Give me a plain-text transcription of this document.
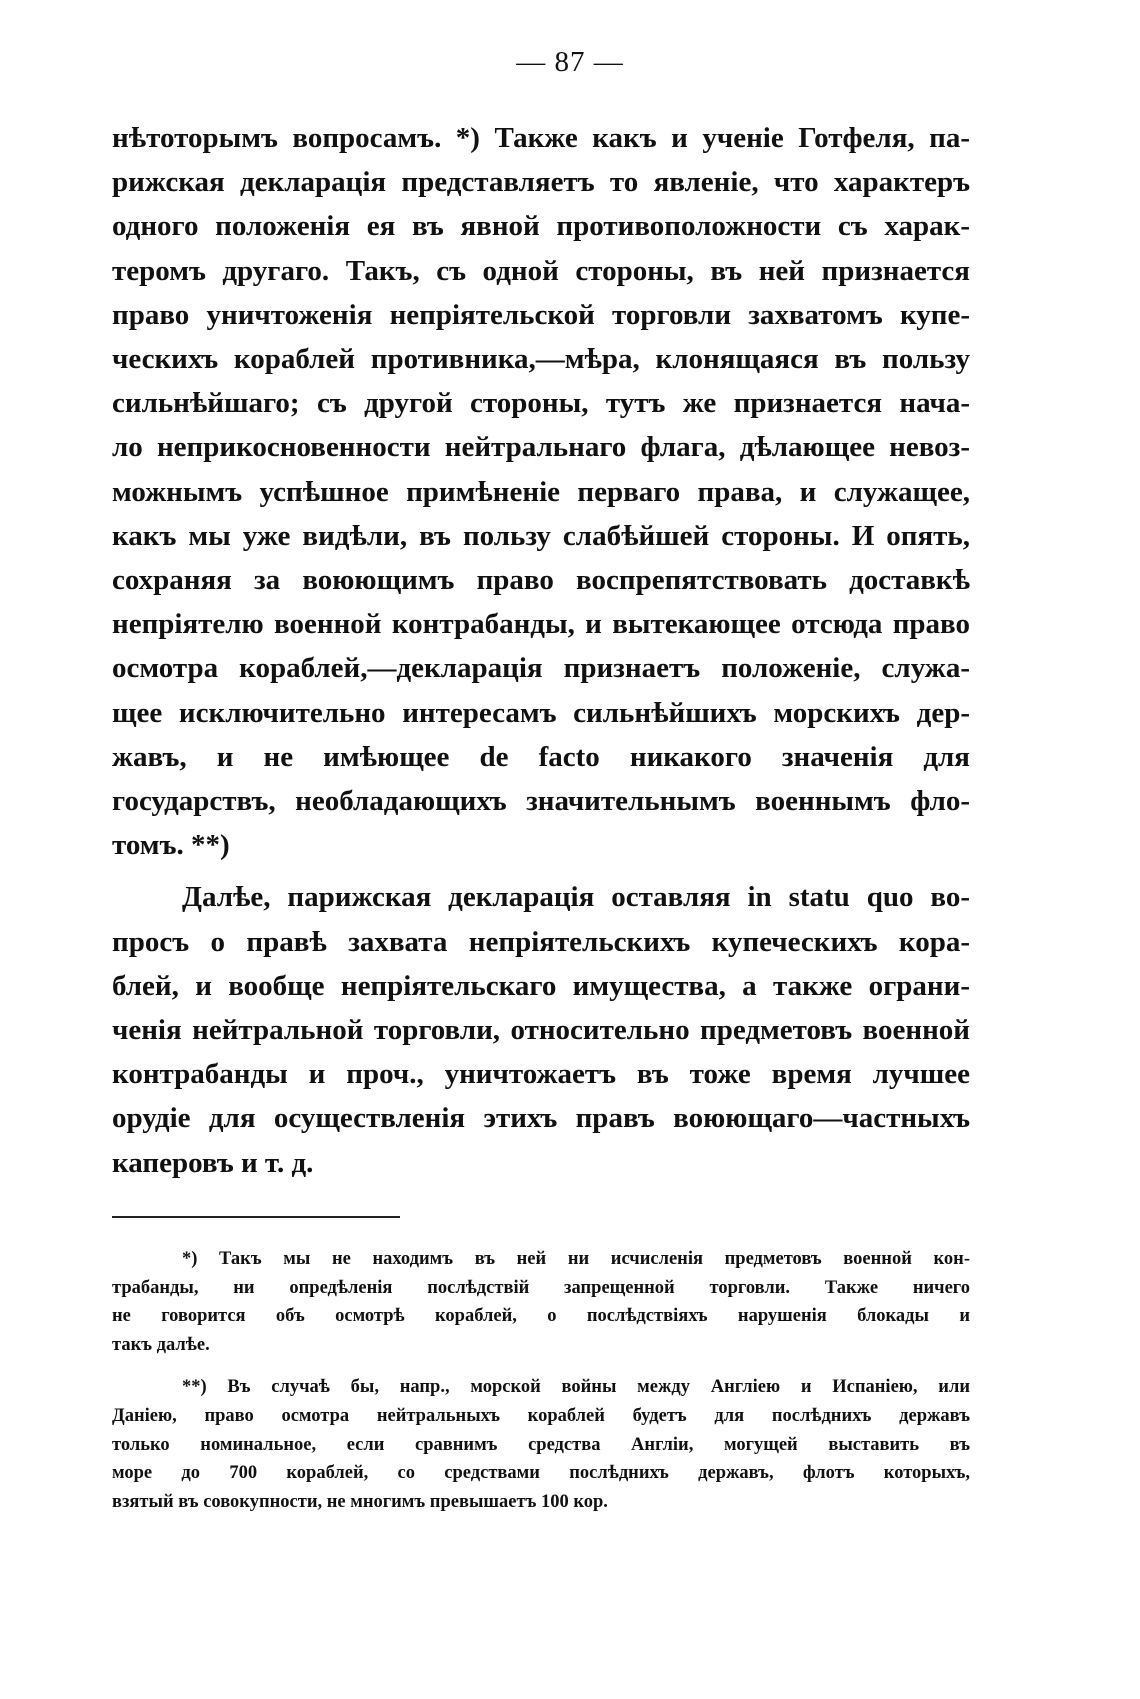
— 87 —

нѣтоторымъ вопросамъ. *) Также какъ и ученіе Готфеля, па-
рижская декларація представляетъ то явленіе, что характеръ
одного положенія ея въ явной противоположности съ харак-
теромъ другаго. Такъ, съ одной стороны, въ ней признается
право уничтоженія непріятельской торговли захватомъ купе-
ческихъ кораблей противника,—мѣра, клонящаяся въ пользу
сильнѣйшаго; съ другой стороны, тутъ же признается нача-
ло неприкосновенности нейтральнаго флага, дѣлающее невоз-
можнымъ успѣшное примѣненіе перваго права, и служащее,
какъ мы уже видѣли, въ пользу слабѣйшей стороны. И опять,
сохраняя за воюющимъ право воспрепятствовать доставкѣ
непріятелю военной контрабанды, и вытекающее отсюда право
осмотра кораблей,—декларація признаетъ положеніе, служа-
щее исключительно интересамъ сильнѣйшихъ морскихъ дер-
жавъ, и не имѣющее de facto никакого значенія для
государствъ, необладающихъ значительнымъ военнымъ фло-
томъ. **)

Далѣе, парижская декларація оставляя in statu quo во-
просъ о правѣ захвата непріятельскихъ купеческихъ кора-
блей, и вообще непріятельскаго имущества, а также ограни-
ченія нейтральной торговли, относительно предметовъ военной
контрабанды и проч., уничтожаетъ въ тоже время лучшее
орудіе для осуществленія этихъ правъ воюющаго—частныхъ
каперовъ и т. д.

*) Такъ мы не находимъ въ ней ни исчисленія предметовъ военной кон-
трабанды, ни опредѣленія послѣдствій запрещенной торговли. Также ничего
не говорится объ осмотрѣ кораблей, о послѣдствіяхъ нарушенія блокады и
такъ далѣе.

**) Въ случаѣ бы, напр., морской войны между Англіею и Испаніею, или
Даніею, право осмотра нейтральныхъ кораблей будетъ для послѣднихъ державъ
только номинальное, если сравнимъ средства Англіи, могущей выставить въ
море до 700 кораблей, со средствами послѣднихъ державъ, флотъ которыхъ,
взятый въ совокупности, не многимъ превышаетъ 100 кор.
